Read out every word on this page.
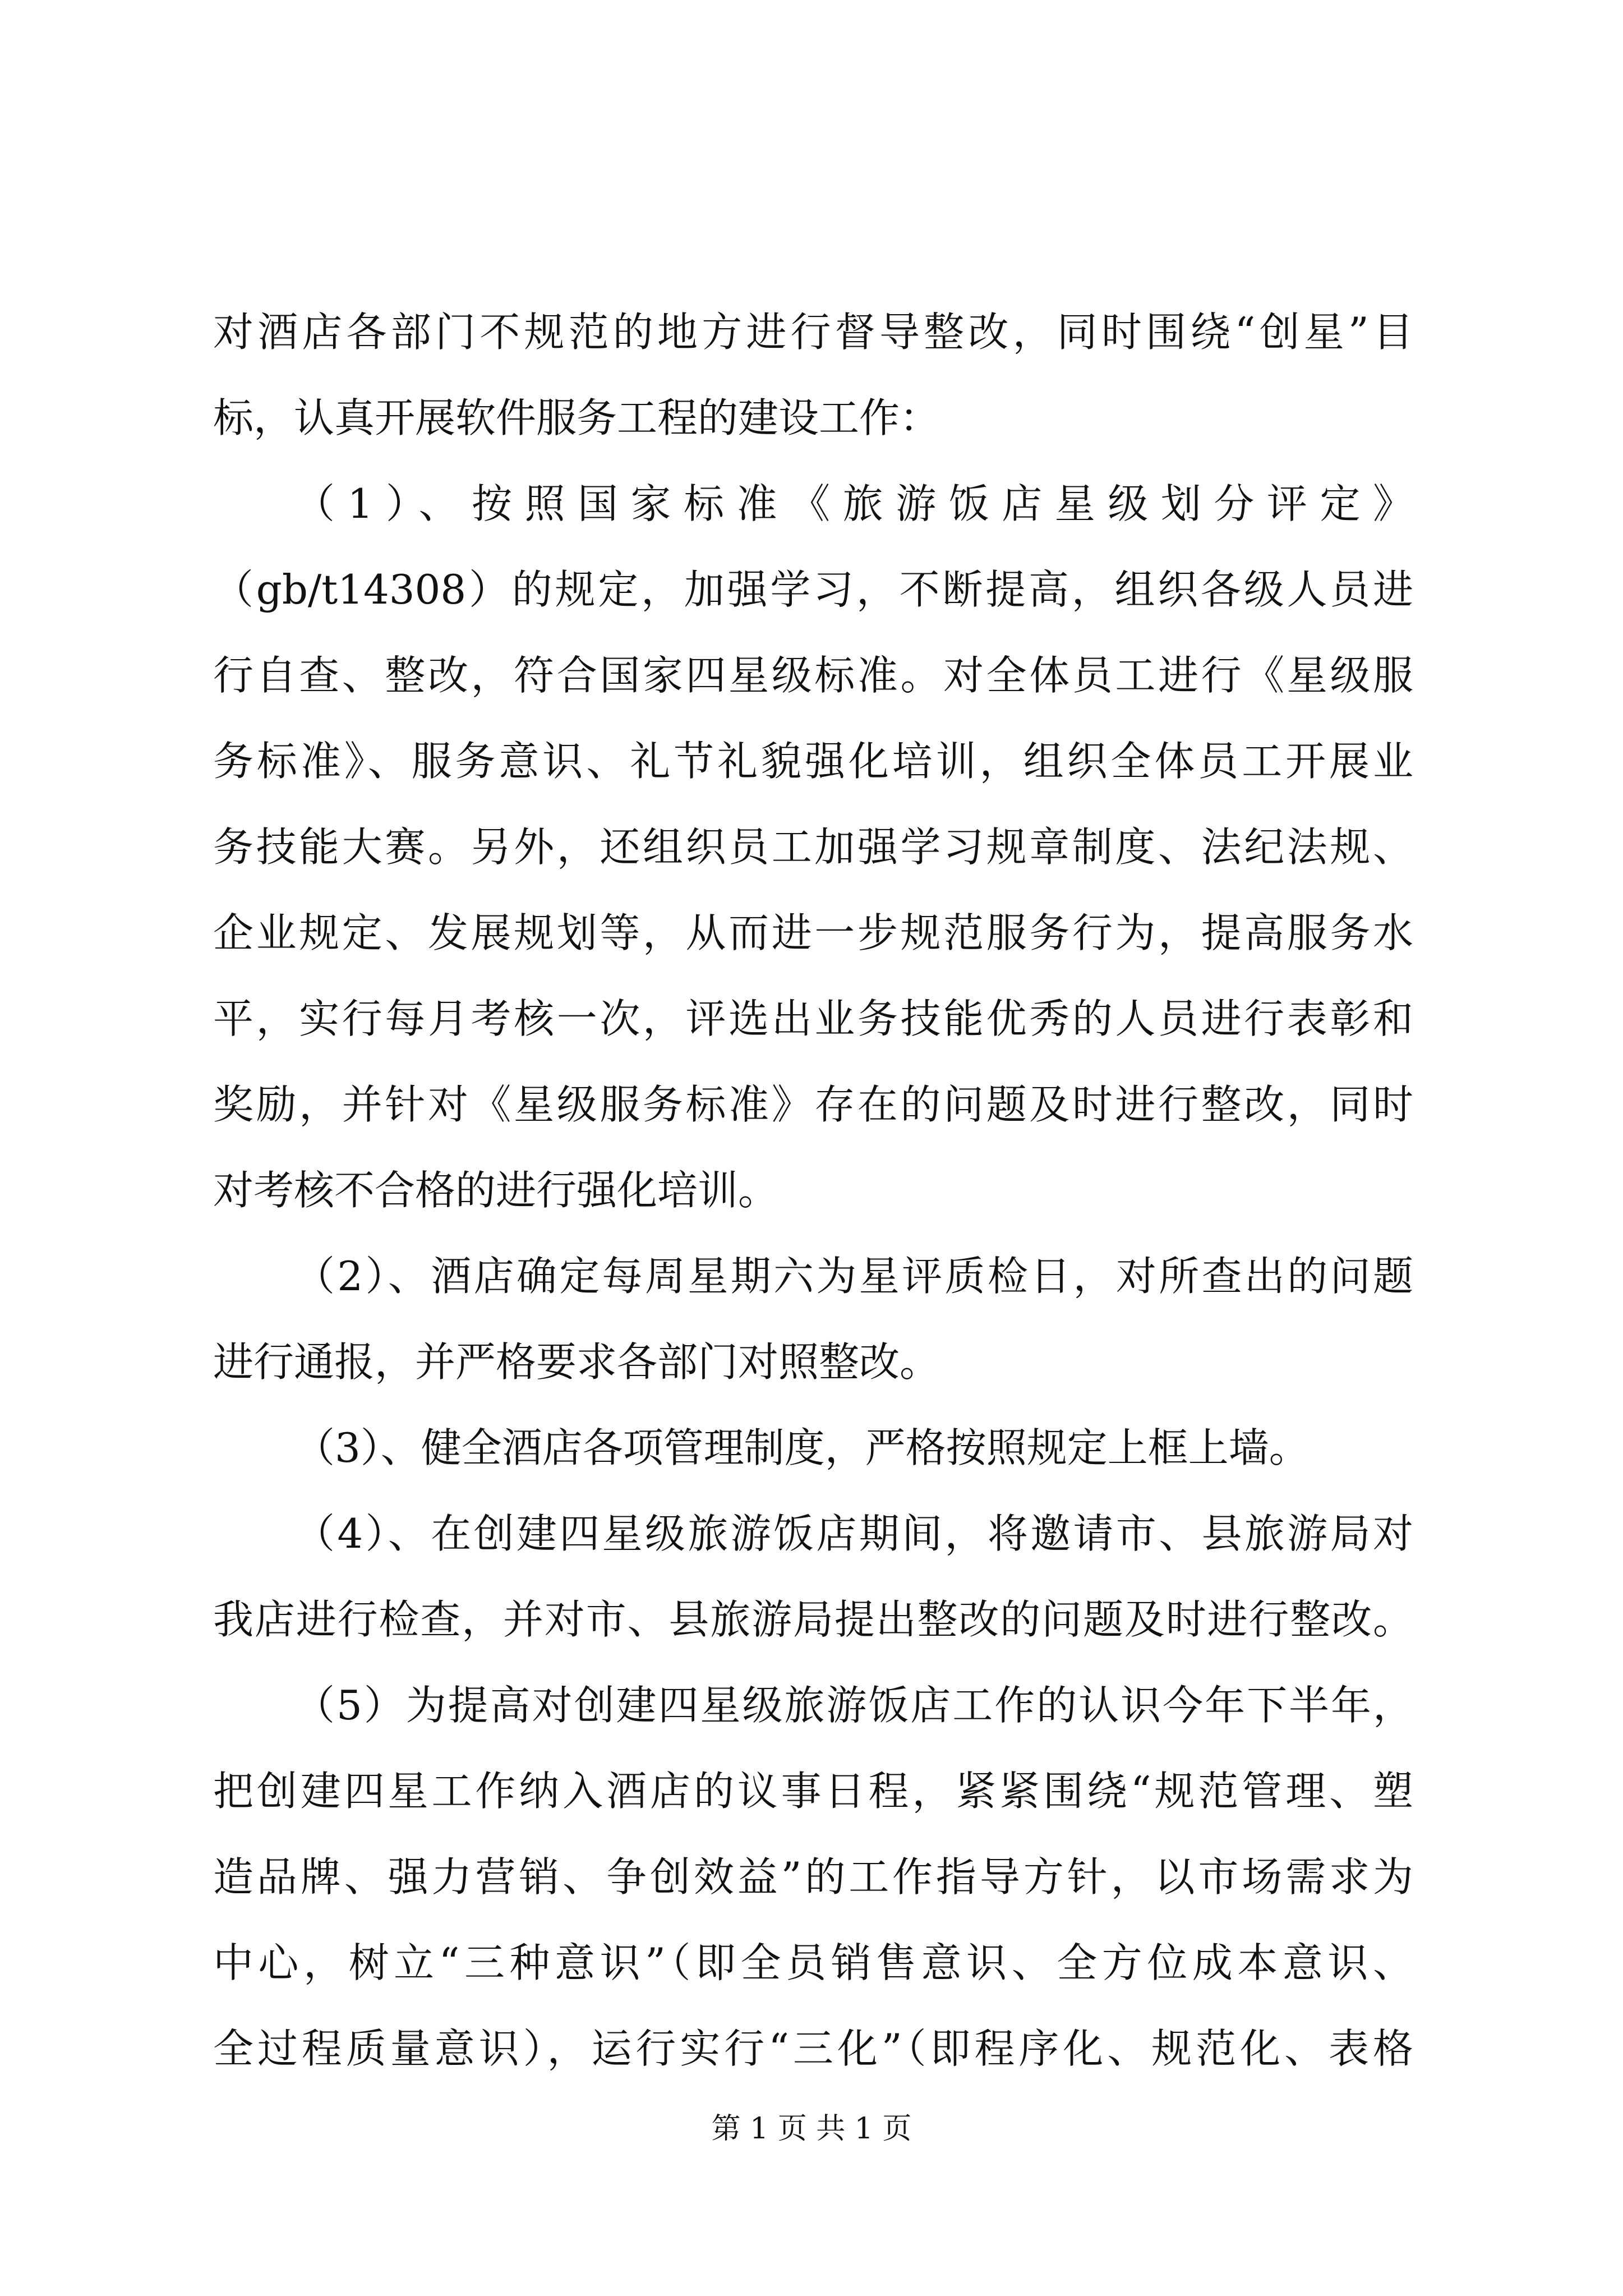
对酒店各部门不规范的地方进行督导整改，同时围绕“创星”目
标，认真开展软件服务工程的建设工作：
（1）、按照国家标准《旅游饭店星级划分评定》
（gb/t14308）的规定，加强学习，不断提高，组织各级人员进
行自查、整改，符合国家四星级标准。对全体员工进行《星级服
务标准》、服务意识、礼节礼貌强化培训，组织全体员工开展业
务技能大赛。另外，还组织员工加强学习规章制度、法纪法规、
企业规定、发展规划等，从而进一步规范服务行为，提高服务水
平，实行每月考核一次，评选出业务技能优秀的人员进行表彰和
奖励，并针对《星级服务标准》存在的问题及时进行整改，同时
对考核不合格的进行强化培训。
（2）、酒店确定每周星期六为星评质检日，对所查出的问题
进行通报，并严格要求各部门对照整改。
（3）、健全酒店各项管理制度，严格按照规定上框上墙。
（4）、在创建四星级旅游饭店期间，将邀请市、县旅游局对
我店进行检查，并对市、县旅游局提出整改的问题及时进行整改。
（5）为提高对创建四星级旅游饭店工作的认识今年下半年，
把创建四星工作纳入酒店的议事日程，紧紧围绕“规范管理、塑
造品牌、强力营销、争创效益”的工作指导方针，以市场需求为
中心，树立“三种意识”（即全员销售意识、全方位成本意识、
全过程质量意识），运行实行“三化”（即程序化、规范化、表格
第 1 页 共 1 页
